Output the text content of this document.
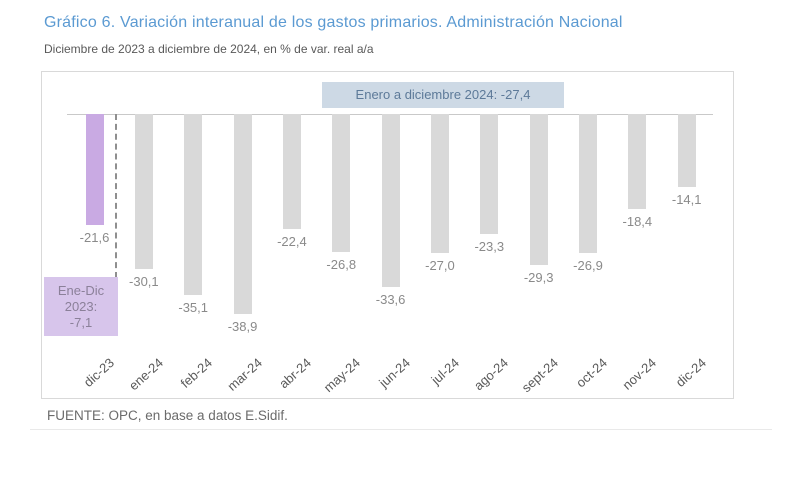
Gráfico 6. Variación interanual de los gastos primarios. Administración Nacional
Diciembre de 2023 a diciembre de 2024, en % de var. real a/a
Enero a diciembre 2024: -27,4
-21,6
dic-23
-30,1
ene-24
-35,1
feb-24
-38,9
mar-24
-22,4
abr-24
-26,8
may-24
-33,6
jun-24
-27,0
jul-24
-23,3
ago-24
-29,3
sept-24
-26,9
oct-24
-18,4
nov-24
-14,1
dic-24
Ene-Dic
2023:
-7,1
FUENTE: OPC, en base a datos E.Sidif.
